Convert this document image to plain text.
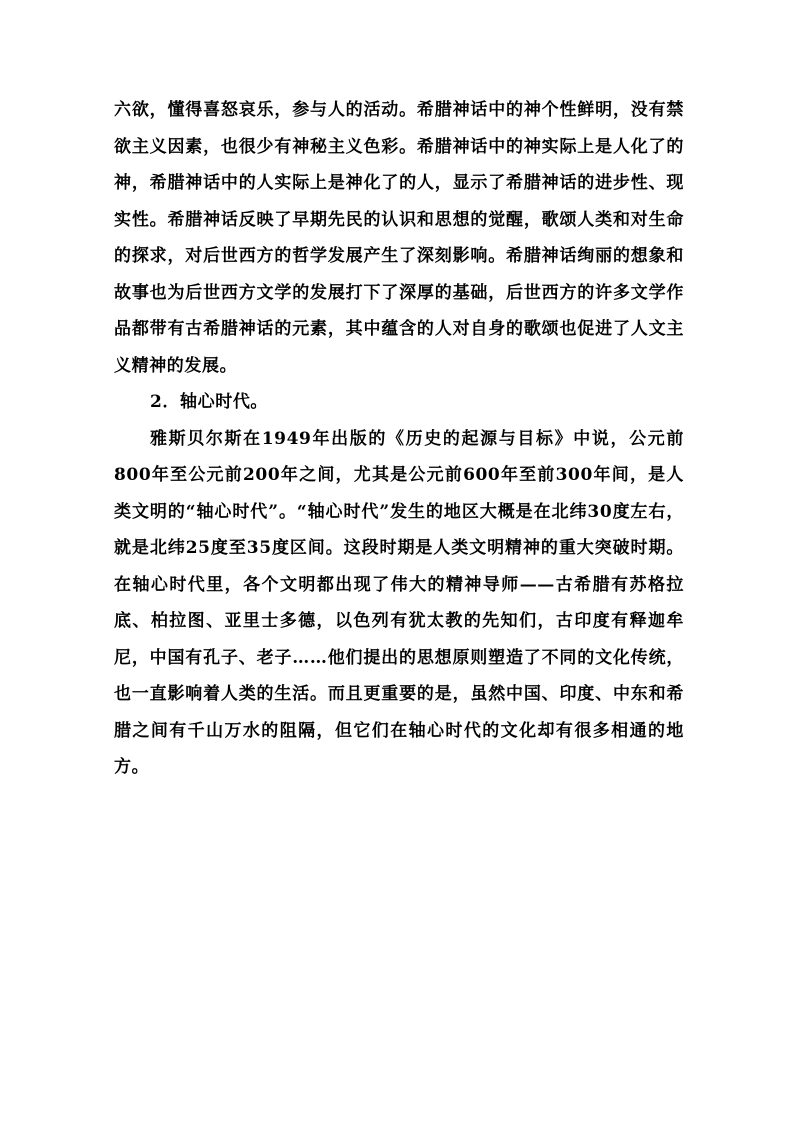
六欲，懂得喜怒哀乐，参与人的活动。希腊神话中的神个性鲜明，没有禁欲主义因素，也很少有神秘主义色彩。希腊神话中的神实际上是人化了的神，希腊神话中的人实际上是神化了的人，显示了希腊神话的进步性、现实性。希腊神话反映了早期先民的认识和思想的觉醒，歌颂人类和对生命的探求，对后世西方的哲学发展产生了深刻影响。希腊神话绚丽的想象和故事也为后世西方文学的发展打下了深厚的基础，后世西方的许多文学作品都带有古希腊神话的元素，其中蕴含的人对自身的歌颂也促进了人文主义精神的发展。

2．轴心时代。

雅斯贝尔斯在1949年出版的《历史的起源与目标》中说，公元前800年至公元前200年之间，尤其是公元前600年至前300年间，是人类文明的“轴心时代”。“轴心时代”发生的地区大概是在北纬30度左右，就是北纬25度至35度区间。这段时期是人类文明精神的重大突破时期。在轴心时代里，各个文明都出现了伟大的精神导师——古希腊有苏格拉底、柏拉图、亚里士多德，以色列有犹太教的先知们，古印度有释迦牟尼，中国有孔子、老子……他们提出的思想原则塑造了不同的文化传统，也一直影响着人类的生活。而且更重要的是，虽然中国、印度、中东和希腊之间有千山万水的阻隔，但它们在轴心时代的文化却有很多相通的地方。
